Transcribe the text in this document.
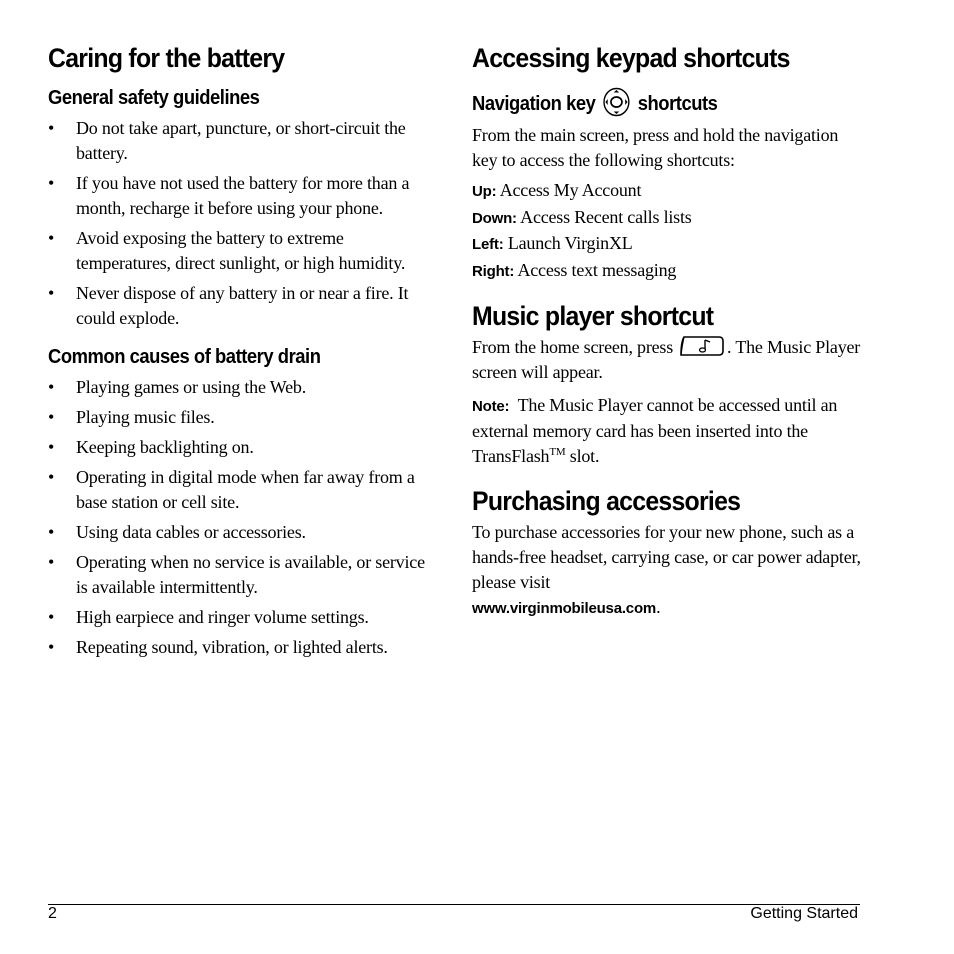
Caring for the battery
General safety guidelines
• Do not take apart, puncture, or short-circuit the battery.
• If you have not used the battery for more than a month, recharge it before using your phone.
• Avoid exposing the battery to extreme temperatures, direct sunlight, or high humidity.
• Never dispose of any battery in or near a fire. It could explode.
Common causes of battery drain
• Playing games or using the Web.
• Playing music files.
• Keeping backlighting on.
• Operating in digital mode when far away from a base station or cell site.
• Using data cables or accessories.
• Operating when no service is available, or service is available intermittently.
• High earpiece and ringer volume settings.
• Repeating sound, vibration, or lighted alerts.
Accessing keypad shortcuts
Navigation key shortcuts

From the main screen, press and hold the navigation key to access the following shortcuts:

Up: Access My Account

Down: Access Recent calls lists

Left: Launch VirginXL

Right: Access text messaging

Music player shortcut

From the home screen, press	. The Music Player screen will appear.

Note: The Music Player cannot be accessed until an external memory card has been inserted into the TransFlash™ slot.

Purchasing accessories

To purchase accessories for your new phone, such as a hands-free headset, carrying case, or car power adapter, please visit
www.virginmobileusa.com.

2	Getting Started
